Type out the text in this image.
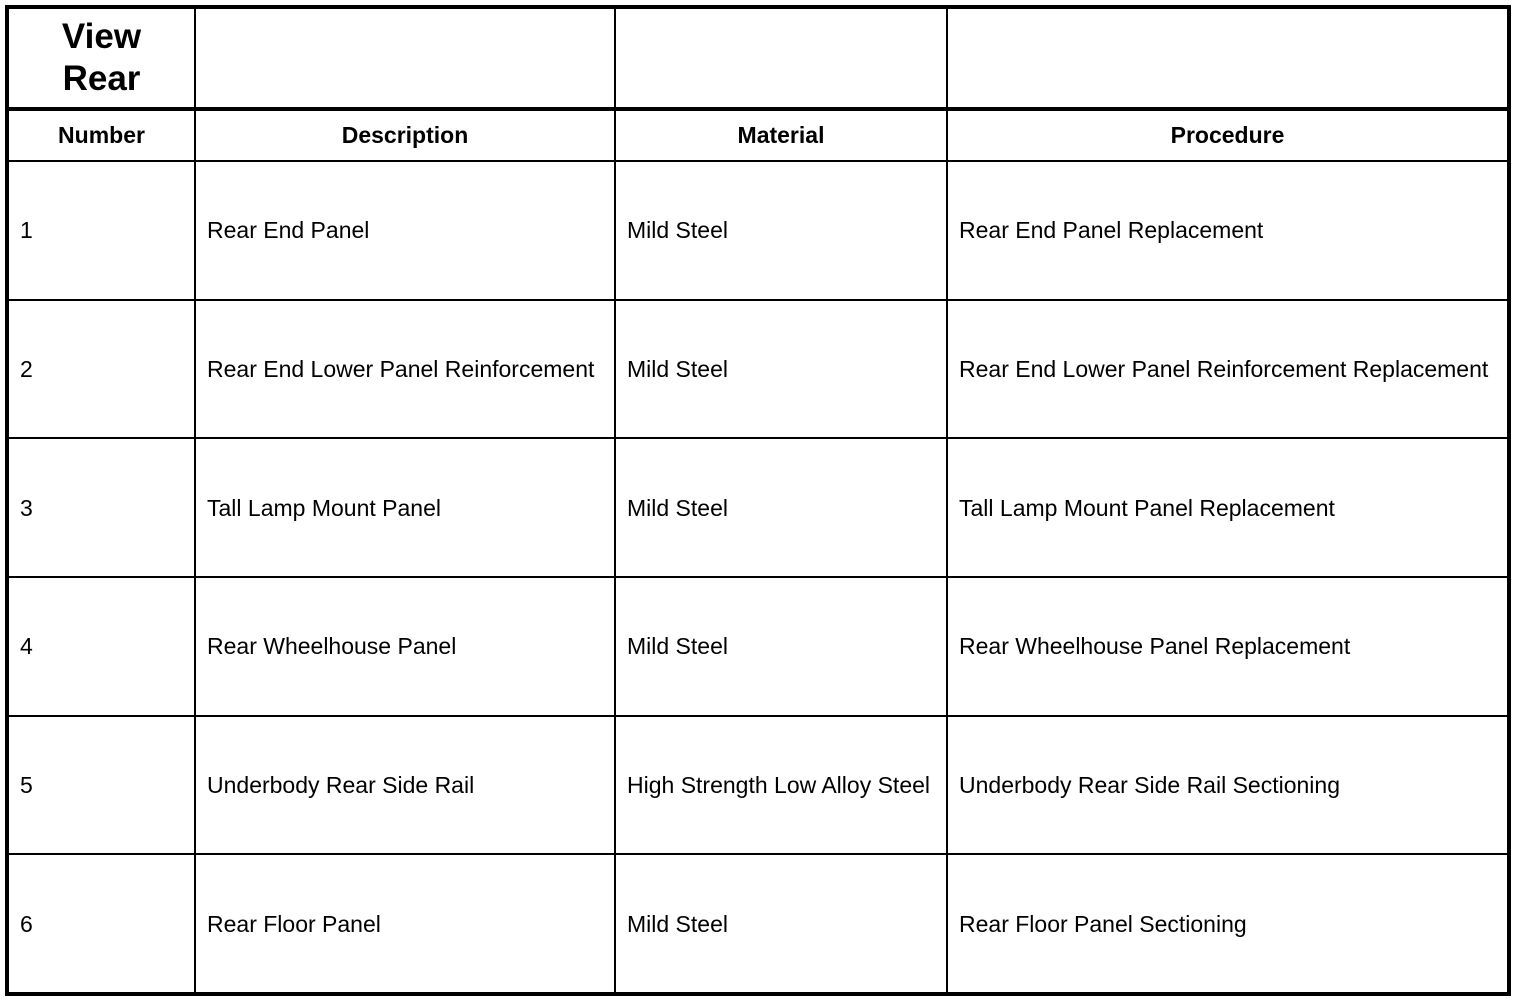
View
Rear			

Number	Description	Material	Procedure
1	Rear End Panel	Mild Steel	Rear End Panel Replacement
2	Rear End Lower Panel Reinforcement	Mild Steel	Rear End Lower Panel Reinforcement Replacement
3	Tall Lamp Mount Panel	Mild Steel	Tall Lamp Mount Panel Replacement
4	Rear Wheelhouse Panel	Mild Steel	Rear Wheelhouse Panel Replacement
5	Underbody Rear Side Rail	High Strength Low Alloy Steel	Underbody Rear Side Rail Sectioning
6	Rear Floor Panel	Mild Steel	Rear Floor Panel Sectioning
